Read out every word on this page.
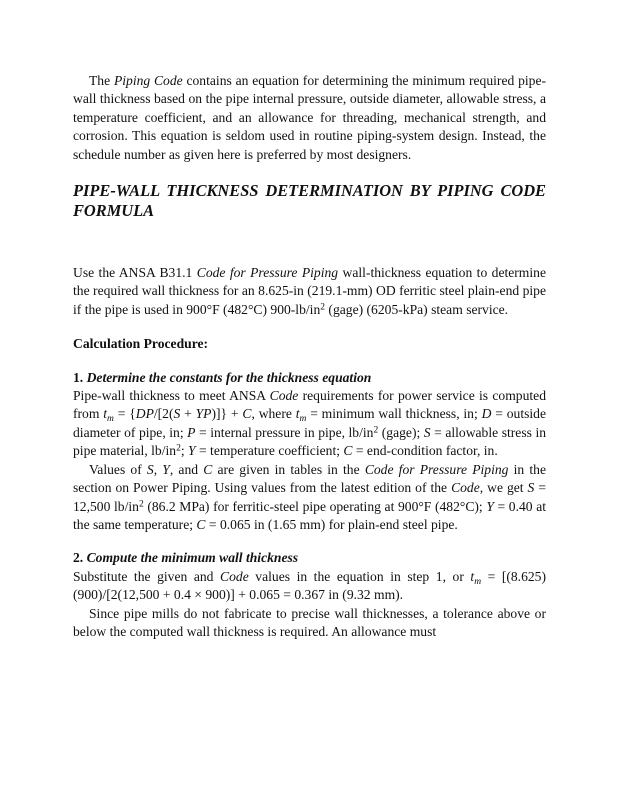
The Piping Code contains an equation for determining the minimum required pipe-wall thickness based on the pipe internal pressure, outside diameter, allowable stress, a temperature coefficient, and an allowance for threading, mechanical strength, and corrosion. This equation is seldom used in routine piping-system design. Instead, the schedule number as given here is preferred by most designers.

PIPE-WALL THICKNESS DETERMINATION BY PIPING CODE FORMULA

Use the ANSA B31.1 Code for Pressure Piping wall-thickness equation to determine the required wall thickness for an 8.625-in (219.1-mm) OD ferritic steel plain-end pipe if the pipe is used in 900°F (482°C) $900-lb/in^2$ (gage) (6205-kPa) steam service.

Calculation Procedure:
1. Determine the constants for the thickness equation

Pipe-wall thickness to meet ANSA Code requirements for power service is computed from $t_m = \{DP/[2(S + YP)]\} + C$, where $t_m$ = minimum wall thickness, in; D = outside diameter of pipe, in; P = internal pressure in pipe, $lb/in^2$ (gage); S = allowable stress in pipe material, $lb/in^2$; Y = temperature coefficient; C = end-condition factor, in.

Values of S, Y, and C are given in tables in the Code for Pressure Piping in the section on Power Piping. Using values from the latest edition of the Code, we get S = 12,500 $lb/in^2$ (86.2 MPa) for ferritic-steel pipe operating at 900°F (482°C); Y = 0.40 at the same temperature; C = 0.065 in (1.65 mm) for plain-end steel pipe.

2. Compute the minimum wall thickness

Substitute the given and Code values in the equation in step 1, or $t_m = [(8.625) (900)/[2(12,500 + 0.4 \times 900)] + 0.065 = 0.367$ in (9.32 mm).

Since pipe mills do not fabricate to precise wall thicknesses, a tolerance above or below the computed wall thickness is required. An allowance must
